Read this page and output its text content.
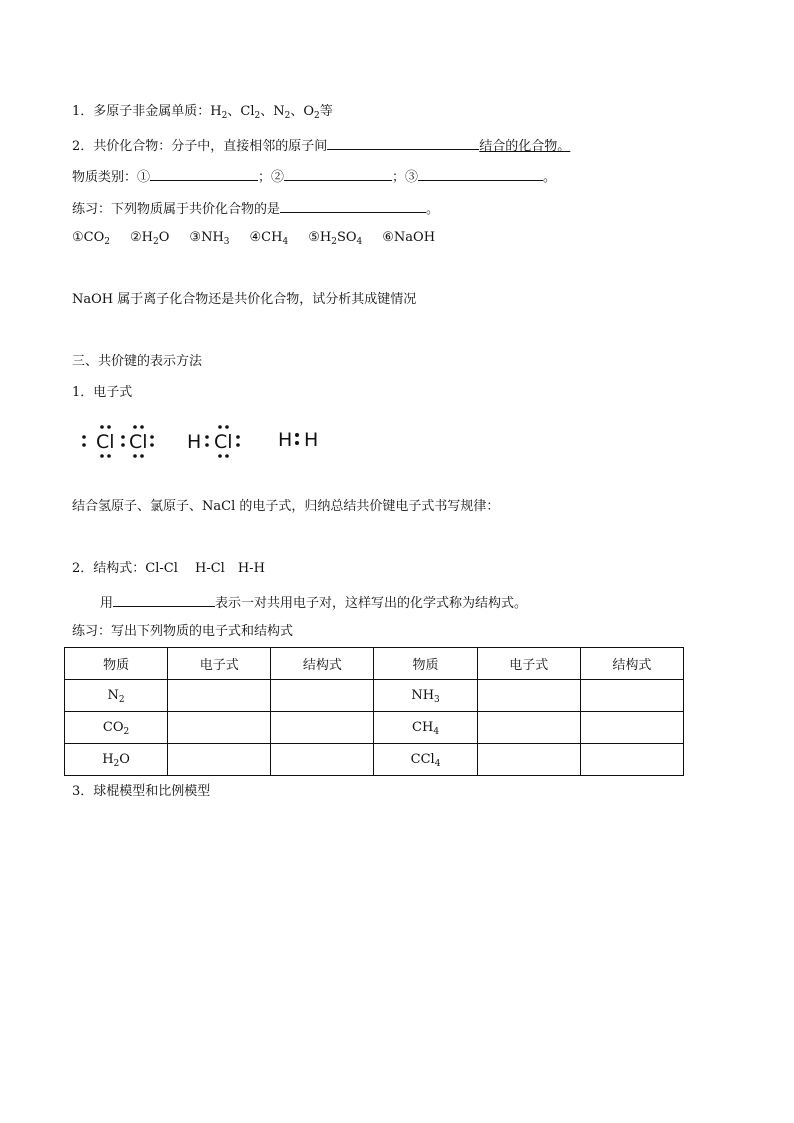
1．多原子非金属单质：$H_2$、$Cl_2$、$N_2$、$O_2$等
2．共价化合物：分子中，直接相邻的原子间	结合的化合物。
物质类别：①	；②	；③	。
练习：下列物质属于共价化合物的是	。
$①CO_2$ $②H_2O$ $③NH_3$ $④CH_4$ $⑤H_2SO_4$ ⑥NaOH
NaOH 属于离子化合物还是共价化合物，试分析其成键情况
三、共价键的表示方法
1．电子式
Cl Cl H Cl H H
结合氢原子、氯原子、NaCl 的电子式，归纳总结共价键电子式书写规律：
2．结构式：Cl-Cl　 H-Cl　H-H
用	表示一对共用电子对，这样写出的化学式称为结构式。
练习：写出下列物质的电子式和结构式
物质	电子式	结构式	物质	电子式	结构式
$N_2$			$NH_3$		
$CO_2$			$CH_4$		
$H_2O$			CCl$_4$		
3．球棍模型和比例模型
